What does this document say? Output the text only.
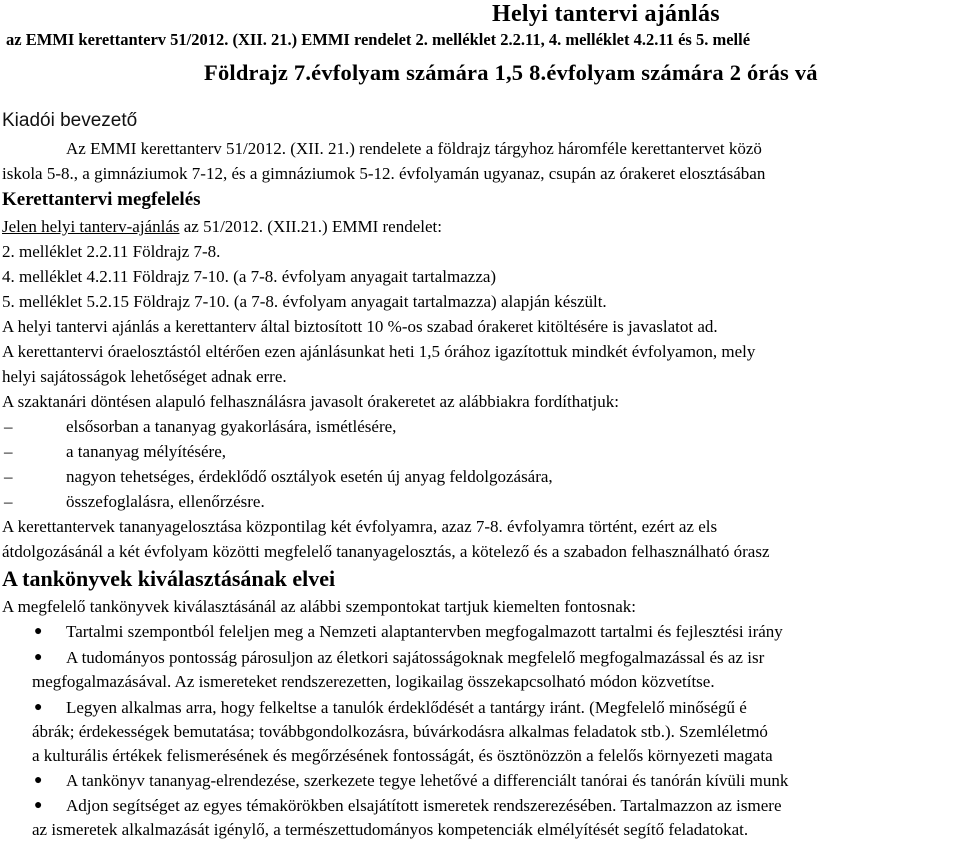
Helyi tantervi ajánlás
az EMMI kerettanterv 51/2012. (XII. 21.) EMMI rendelet 2. melléklet 2.2.11, 4. melléklet 4.2.11 és 5. mellé
Földrajz 7.évfolyam számára 1,5 8.évfolyam számára 2 órás vá
Kiadói bevezető
Az EMMI kerettanterv 51/2012. (XII. 21.) rendelete a földrajz tárgyhoz háromféle kerettantervet közö
iskola 5-8., a gimnáziumok 7-12, és a gimnáziumok 5-12. évfolyamán ugyanaz, csupán az órakeret elosztásában
Kerettantervi megfelelés
Jelen helyi tanterv-ajánlás az 51/2012. (XII.21.) EMMI rendelet:
2. melléklet 2.2.11 Földrajz 7-8.
4. melléklet 4.2.11 Földrajz 7-10. (a 7-8. évfolyam anyagait tartalmazza)
5. melléklet 5.2.15 Földrajz 7-10. (a 7-8. évfolyam anyagait tartalmazza) alapján készült.
A helyi tantervi ajánlás a kerettanterv által biztosított 10 %-os szabad órakeret kitöltésére is javaslatot ad.
A kerettantervi óraelosztástól eltérően ezen ajánlásunkat heti 1,5 órához igazítottuk mindkét évfolyamon, mely
helyi sajátosságok lehetőséget adnak erre.
A szaktanári döntésen alapuló felhasználásra javasolt órakeretet az alábbiakra fordíthatjuk:
–	elsősorban a tananyag gyakorlására, ismétlésére,
–	a tananyag mélyítésére,
–	nagyon tehetséges, érdeklődő osztályok esetén új anyag feldolgozására,
–	összefoglalásra, ellenőrzésre.
A kerettantervek tananyagelosztása központilag két évfolyamra, azaz 7-8. évfolyamra történt, ezért az els
átdolgozásánál a két évfolyam közötti megfelelő tananyagelosztás, a kötelező és a szabadon felhasználható órasz
A tankönyvek kiválasztásának elvei
A megfelelő tankönyvek kiválasztásánál az alábbi szempontokat tartjuk kiemelten fontosnak:
● Tartalmi szempontból feleljen meg a Nemzeti alaptantervben megfogalmazott tartalmi és fejlesztési irány
● A tudományos pontosság párosuljon az életkori sajátosságoknak megfelelő megfogalmazással és az isr
megfogalmazásával. Az ismereteket rendszerezetten, logikailag összekapcsolható módon közvetítse.
● Legyen alkalmas arra, hogy felkeltse a tanulók érdeklődését a tantárgy iránt. (Megfelelő minőségű é
ábrák; érdekességek bemutatása; továbbgondolkozásra, búvárkodásra alkalmas feladatok stb.). Szemléletmó
a kulturális értékek felismerésének és megőrzésének fontosságát, és ösztönözzön a felelős környezeti magata
● A tankönyv tananyag-elrendezése, szerkezete tegye lehetővé a differenciált tanórai és tanórán kívüli munk
● Adjon segítséget az egyes témakörökben elsajátított ismeretek rendszerezésében. Tartalmazzon az ismere
az ismeretek alkalmazását igénylő, a természettudományos kompetenciák elmélyítését segítő feladatokat.
